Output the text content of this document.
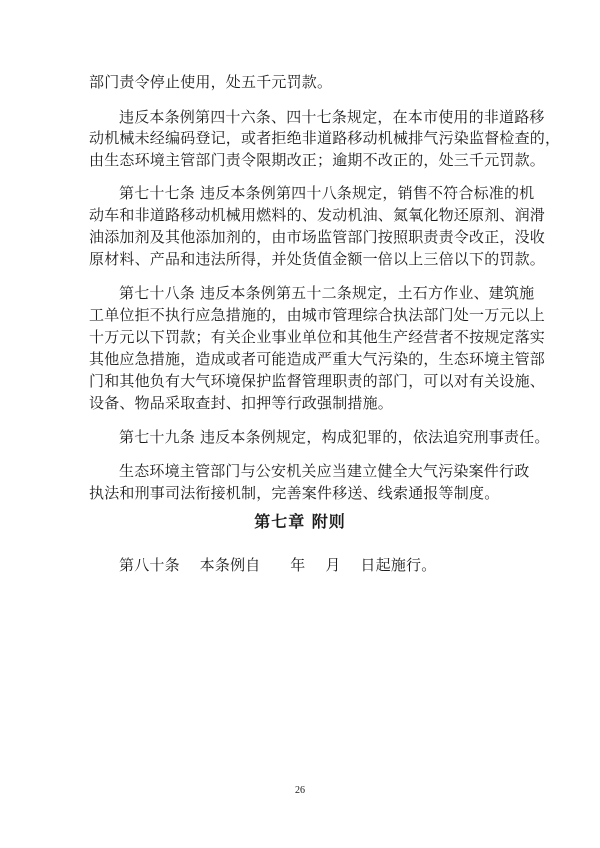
部门责令停止使用，处五千元罚款。
违反本条例第四十六条、四十七条规定，在本市使用的非道路移
动机械未经编码登记，或者拒绝非道路移动机械排气污染监督检查的，
由生态环境主管部门责令限期改正；逾期不改正的，处三千元罚款。
第七十七条 违反本条例第四十八条规定，销售不符合标准的机
动车和非道路移动机械用燃料的、发动机油、氮氧化物还原剂、润滑
油添加剂及其他添加剂的，由市场监管部门按照职责责令改正，没收
原材料、产品和违法所得，并处货值金额一倍以上三倍以下的罚款。
第七十八条 违反本条例第五十二条规定，土石方作业、建筑施
工单位拒不执行应急措施的，由城市管理综合执法部门处一万元以上
十万元以下罚款；有关企业事业单位和其他生产经营者不按规定落实
其他应急措施，造成或者可能造成严重大气污染的，生态环境主管部
门和其他负有大气环境保护监督管理职责的部门，可以对有关设施、
设备、物品采取查封、扣押等行政强制措施。
第七十九条 违反本条例规定，构成犯罪的，依法追究刑事责任。
生态环境主管部门与公安机关应当建立健全大气污染案件行政
执法和刑事司法衔接机制，完善案件移送、线索通报等制度。
第七章 附则
第八十条    本条例自      年    月    日起施行。
26
